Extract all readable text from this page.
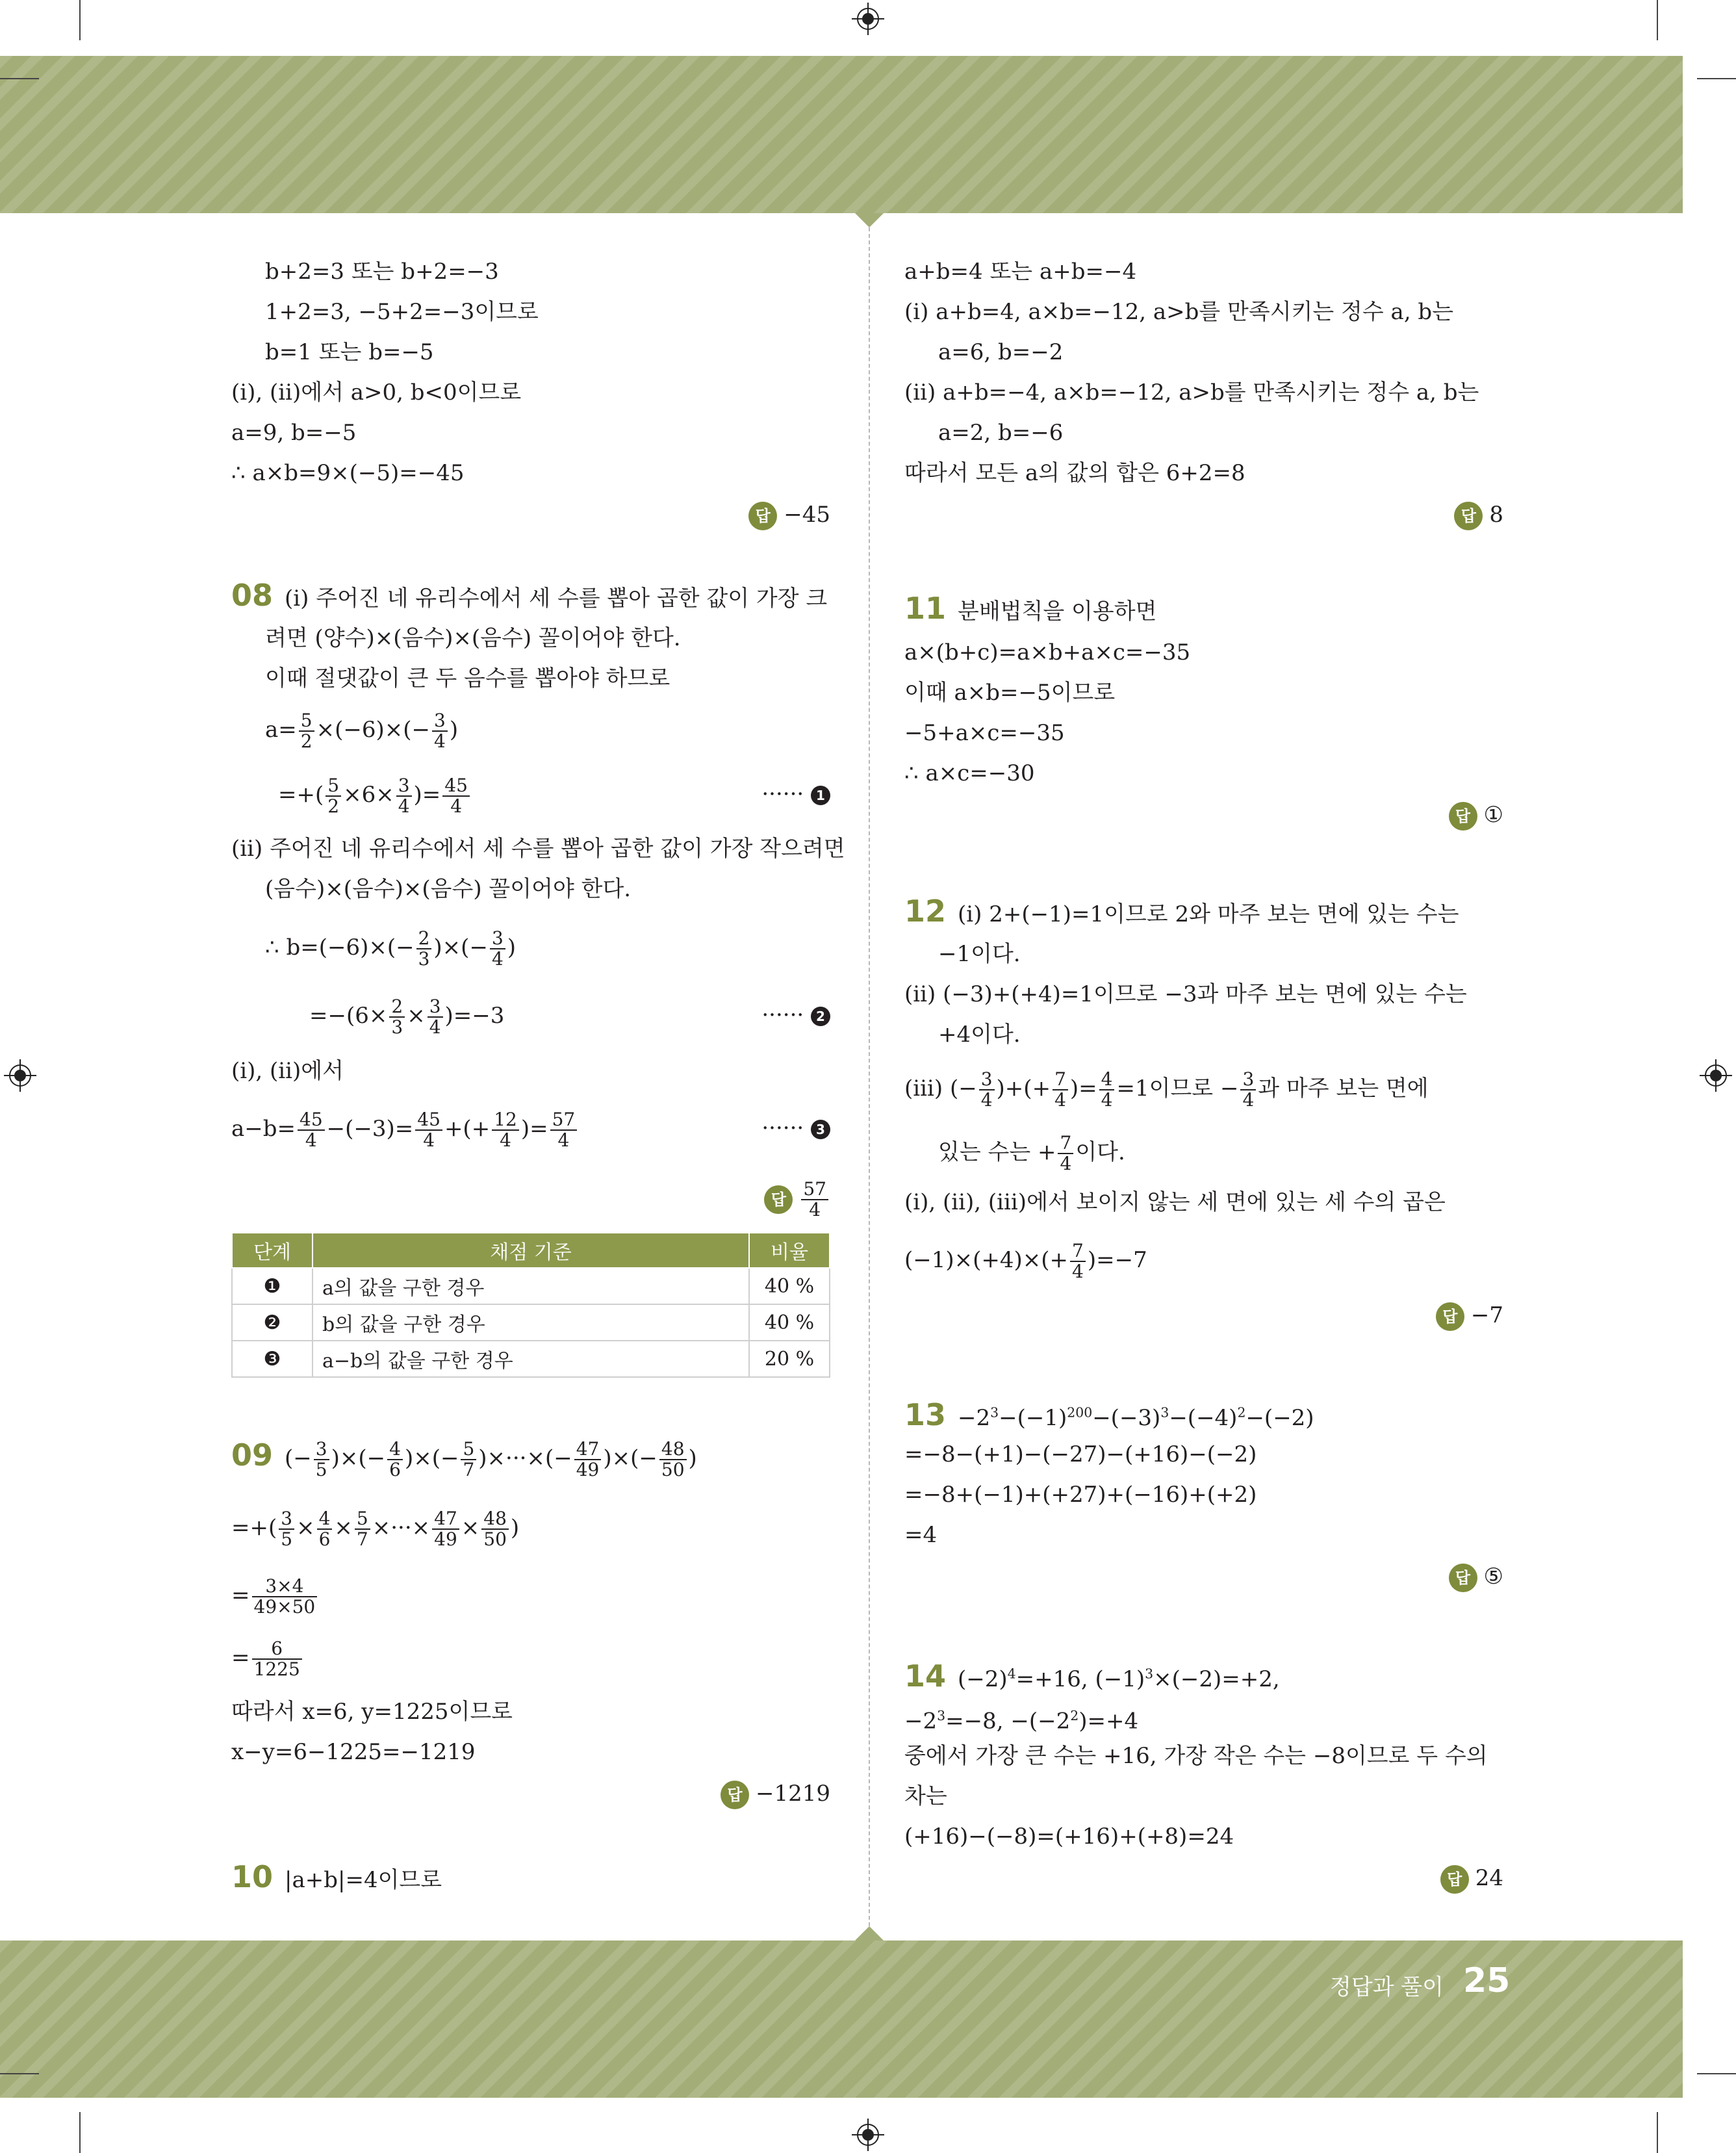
b+2=3 또는 b+2=−3
1+2=3, −5+2=−3이므로
b=1 또는 b=−5
(ⅰ), (ⅱ)에서 a>0, b<0이므로
a=9, b=−5
∴ a×b=9×(−5)=−45
답 −45
08 (ⅰ) 주어진 네 유리수에서 세 수를 뽑아 곱한 값이 가장 크
려면 (양수)×(음수)×(음수) 꼴이어야 한다.
이때 절댓값이 큰 두 음수를 뽑아야 하므로
$a= \frac{5}{2} \times(-6)\times(- \frac{3}{4}$ )
=+( $\frac{5}{2} \times 6\times \frac{3}{4}$ )= $\frac{45}{4}$	······ 1
(ⅱ) 주어진 네 유리수에서 세 수를 뽑아 곱한 값이 가장 작으려면
(음수)×(음수)×(음수) 꼴이어야 한다.
∴ $b=(-6)\times(- \frac{2}{3}$ )×(− $\frac{3}{4}$ )
$=-(6\times \frac{2}{3} \times \frac{3}{4} )=-3$	······ 2
(ⅰ), (ⅱ)에서
$a-b= \frac{45}{4} -(-3)= \frac{45}{4}$ +(+ $\frac{12}{4}$ )= $\frac{57}{4}$	······ 3
답 $\frac{57}{4}$
단계	채점 기준	비율
❶	a의 값을 구한 경우	40 %
❷	b의 값을 구한 경우	40 %
❸	a−b의 값을 구한 경우	20 %
09 (− $\frac{3}{5}$ )×(− $\frac{4}{6}$ )×(− $\frac{5}{7}$ )×···×(− $\frac{47}{49}$ )×(− $\frac{48}{50}$ )
=+( $\frac{3}{5} \times \frac{4}{6} \times \frac{5}{7}$ ×···× $\frac{47}{49} \times \frac{48}{50}$ )
= $\frac{3\times 4}{49\times 50}$
= $\frac{6}{1225}$
따라서 x=6, y=1225이므로
x−y=6−1225=−1219
답 −1219
10 |a+b|=4이므로
a+b=4 또는 a+b=−4
(ⅰ) a+b=4, a×b=−12, a>b를 만족시키는 정수 a, b는
a=6, b=−2
(ⅱ) a+b=−4, a×b=−12, a>b를 만족시키는 정수 a, b는
a=2, b=−6
따라서 모든 a의 값의 합은 6+2=8
답 8
11 분배법칙을 이용하면
a×(b+c)=a×b+a×c=−35
이때 a×b=−5이므로
−5+a×c=−35
∴ a×c=−30
답 ①
12 (ⅰ) 2+(−1)=1이므로 2와 마주 보는 면에 있는 수는
−1이다.
(ⅱ) (−3)+(+4)=1이므로 −3과 마주 보는 면에 있는 수는
+4이다.
(ⅲ) (− $\frac{3}{4}$ )+(+ $\frac{7}{4}$ )= $\frac{4}{4} =1$이므로 − $\frac{3}{4}$ 과 마주 보는 면에
있는 수는 + $\frac{7}{4}$ 이다.
(ⅰ), (ⅱ), (ⅲ)에서 보이지 않는 세 면에 있는 세 수의 곱은
$(-1)\times(+4)\times(+ \frac{7}{4} )=-7$
답 −7
$13 -2^3-(-1)^{200}-(-3)^3-(-4)^2-(-2)$
=−8−(+1)−(−27)−(+16)−(−2)
=−8+(−1)+(+27)+(−16)+(+2)
=4
답 ⑤
14 $(-2)^4=+16$, $(-1)^3\times(-2)=+2$,
$-2^3=-8$, $-(-2^2)=+4$
중에서 가장 큰 수는 +16, 가장 작은 수는 −8이므로 두 수의
차는
(+16)−(−8)=(+16)+(+8)=24
답 24
정답과 풀이 25
